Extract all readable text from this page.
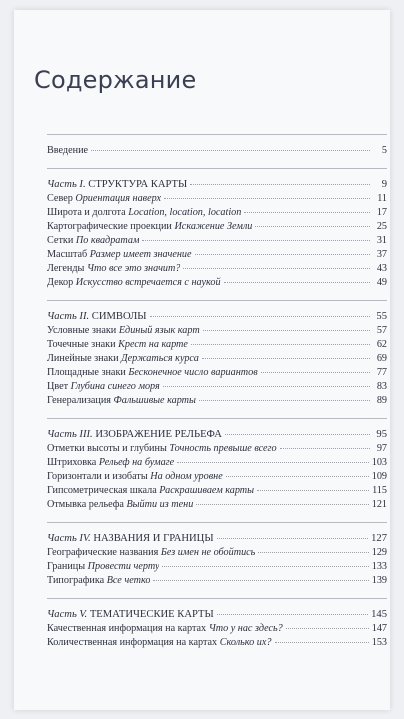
Содержание
Введение	5
Часть I. СТРУКТУРА КАРТЫ	9
Север Ориентация наверх	11
Широта и долгота Location, location, location	17
Картографические проекции Искажение Земли	25
Сетки По квадратам	31
Масштаб Размер имеет значение	37
Легенды Что все это значит?	43
Декор Искусство встречается с наукой	49
Часть II. СИМВОЛЫ	55
Условные знаки Единый язык карт	57
Точечные знаки Крест на карте	62
Линейные знаки Держаться курса	69
Площадные знаки Бесконечное число вариантов	77
Цвет Глубина синего моря	83
Генерализация Фальшивые карты	89
Часть III. ИЗОБРАЖЕНИЕ РЕЛЬЕФА	95
Отметки высоты и глубины Точность превыше всего	97
Штриховка Рельеф на бумаге	103
Горизонтали и изобаты На одном уровне	109
Гипсометрическая шкала Раскрашиваем карты	115
Отмывка рельефа Выйти из тени	121
Часть IV. НАЗВАНИЯ И ГРАНИЦЫ	127
Географические названия Без имен не обойтись	129
Границы Провести черту	133
Типографика Все четко	139
Часть V. ТЕМАТИЧЕСКИЕ КАРТЫ	145
Качественная информация на картах Что у нас здесь?	147
Количественная информация на картах Сколько их?	153
